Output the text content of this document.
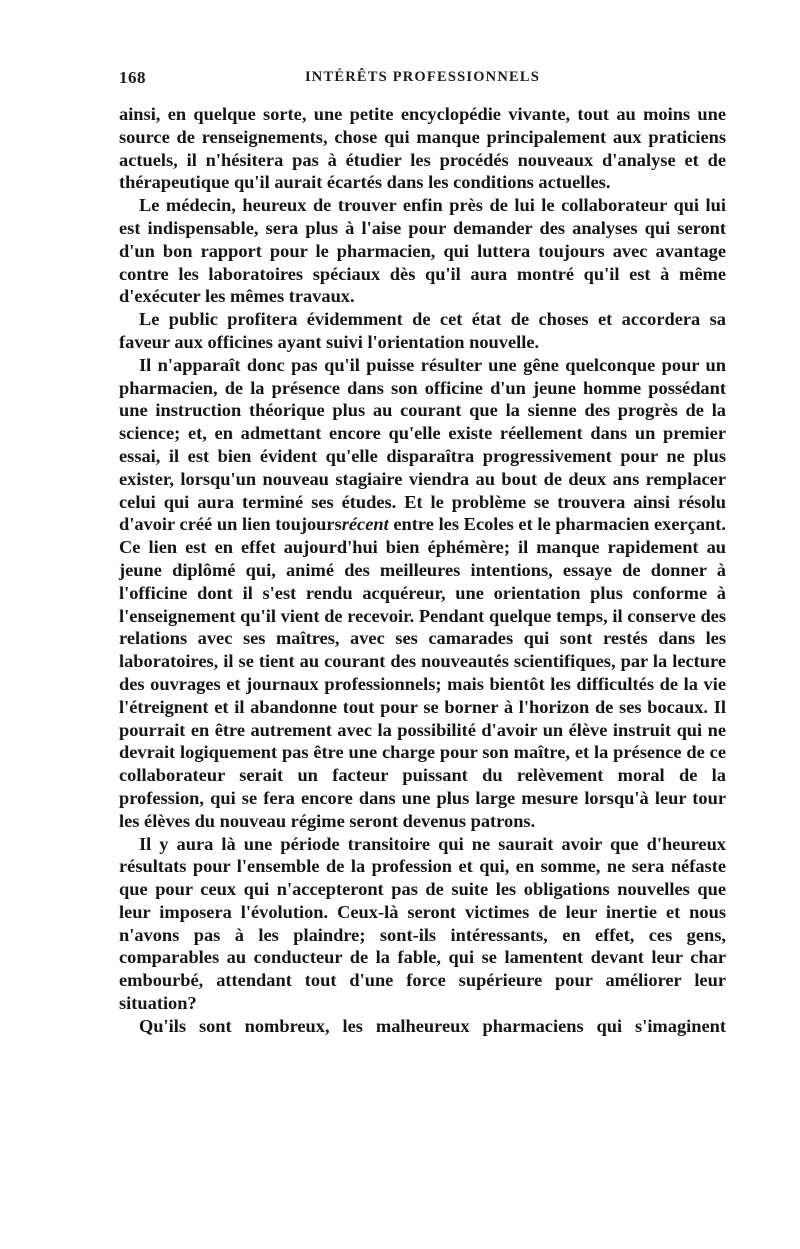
168	INTÉRÊTS PROFESSIONNELS

ainsi, en quelque sorte, une petite encyclopédie vivante, tout au moins une source de renseignements, chose qui manque principalement aux praticiens actuels, il n'hésitera pas à étudier les procédés nouveaux d'analyse et de thérapeutique qu'il aurait écartés dans les conditions actuelles.

Le médecin, heureux de trouver enfin près de lui le collaborateur qui lui est indispensable, sera plus à l'aise pour demander des analyses qui seront d'un bon rapport pour le pharmacien, qui luttera toujours avec avantage contre les laboratoires spéciaux dès qu'il aura montré qu'il est à même d'exécuter les mêmes travaux.

Le public profitera évidemment de cet état de choses et accordera sa faveur aux officines ayant suivi l'orientation nouvelle.

Il n'apparaît donc pas qu'il puisse résulter une gêne quelconque pour un pharmacien, de la présence dans son officine d'un jeune homme possédant une instruction théorique plus au courant que la sienne des progrès de la science; et, en admettant encore qu'elle existe réellement dans un premier essai, il est bien évident qu'elle disparaîtra progressivement pour ne plus exister, lorsqu'un nouveau stagiaire viendra au bout de deux ans remplacer celui qui aura terminé ses études. Et le problème se trouvera ainsi résolu d'avoir créé un lien toujoursrécent entre les Ecoles et le pharmacien exerçant. Ce lien est en effet aujourd'hui bien éphémère; il manque rapidement au jeune diplômé qui, animé des meilleures intentions, essaye de donner à l'officine dont il s'est rendu acquéreur, une orientation plus conforme à l'enseignement qu'il vient de recevoir. Pendant quelque temps, il conserve des relations avec ses maîtres, avec ses camarades qui sont restés dans les laboratoires, il se tient au courant des nouveautés scientifiques, par la lecture des ouvrages et journaux professionnels; mais bientôt les difficultés de la vie l'étreignent et il abandonne tout pour se borner à l'horizon de ses bocaux. Il pourrait en être autrement avec la possibilité d'avoir un élève instruit qui ne devrait logiquement pas être une charge pour son maître, et la présence de ce collaborateur serait un facteur puissant du relèvement moral de la profession, qui se fera encore dans une plus large mesure lorsqu'à leur tour les élèves du nouveau régime seront devenus patrons.

Il y aura là une période transitoire qui ne saurait avoir que d'heureux résultats pour l'ensemble de la profession et qui, en somme, ne sera néfaste que pour ceux qui n'accepteront pas de suite les obligations nouvelles que leur imposera l'évolution. Ceux-là seront victimes de leur inertie et nous n'avons pas à les plaindre; sont-ils intéressants, en effet, ces gens, comparables au conducteur de la fable, qui se lamentent devant leur char embourbé, attendant tout d'une force supérieure pour améliorer leur situation?

Qu'ils sont nombreux, les malheureux pharmaciens qui s'imaginent
